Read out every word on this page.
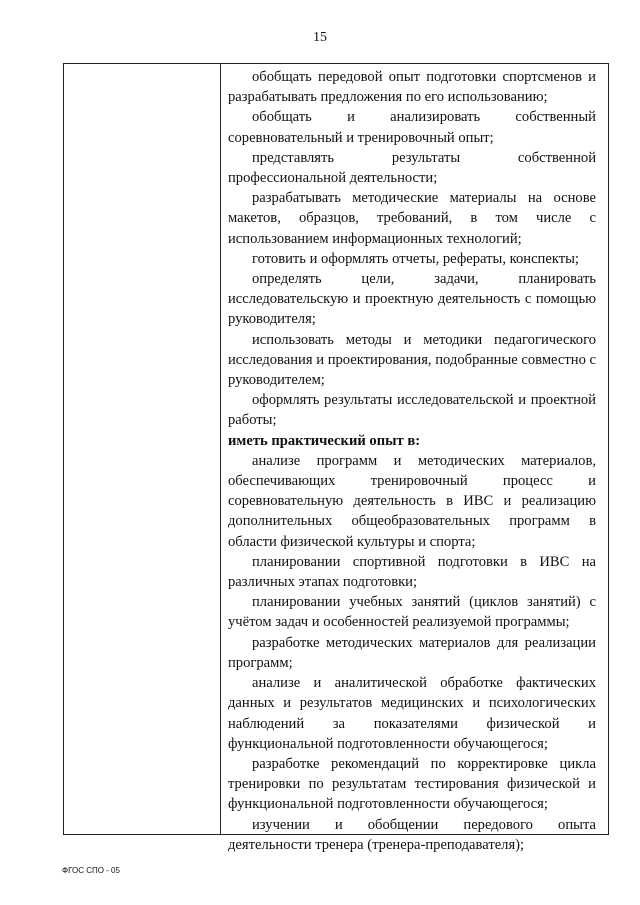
15

обобщать передовой опыт подготовки спортсменов и разрабатывать предложения по его использованию;

обобщать и анализировать собственный соревновательный и тренировочный опыт;

представлять результаты собственной профессиональной деятельности;

разрабатывать методические материалы на основе макетов, образцов, требований, в том числе с использованием информационных технологий;

готовить и оформлять отчеты, рефераты, конспекты;

определять цели, задачи, планировать исследовательскую и проектную деятельность с помощью руководителя;

использовать методы и методики педагогического исследования и проектирования, подобранные совместно с руководителем;

оформлять результаты исследовательской и проектной работы;

иметь практический опыт в:

анализе программ и методических материалов, обеспечивающих тренировочный процесс и соревновательную деятельность в ИВС и реализацию дополнительных общеобразовательных программ в области физической культуры и спорта;

планировании спортивной подготовки в ИВС на различных этапах подготовки;

планировании учебных занятий (циклов занятий) с учётом задач и особенностей реализуемой программы;

разработке методических материалов для реализации программ;

анализе и аналитической обработке фактических данных и результатов медицинских и психологических наблюдений за показателями физической и функциональной подготовленности обучающегося;

разработке рекомендаций по корректировке цикла тренировки по результатам тестирования физической и функциональной подготовленности обучающегося;

изучении и обобщении передового опыта деятельности тренера (тренера-преподавателя);

ФГОС СПО - 05
